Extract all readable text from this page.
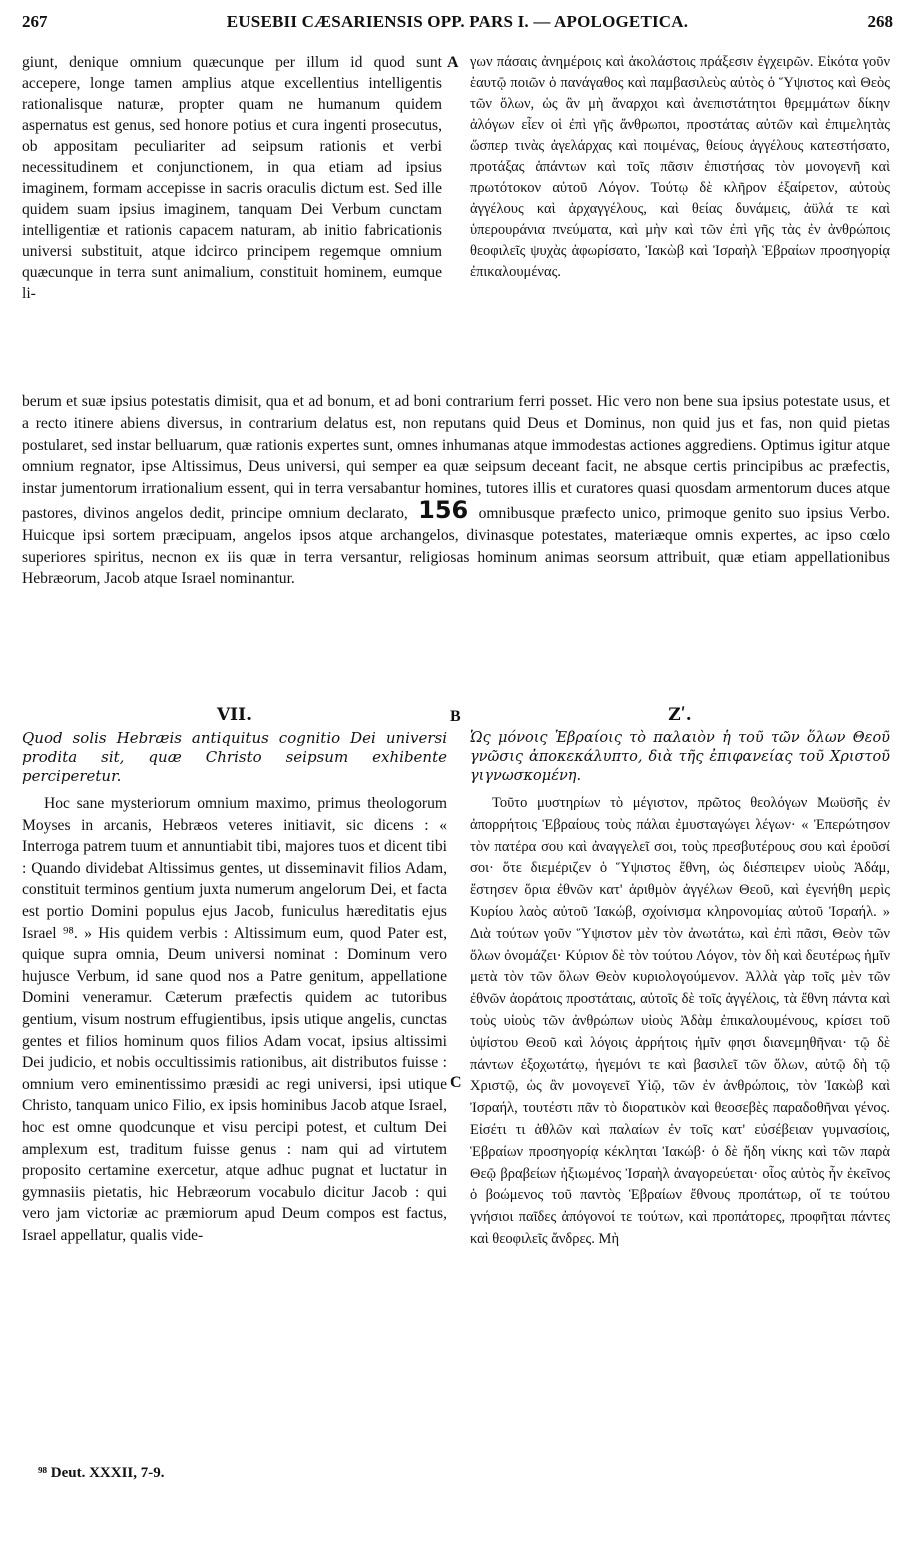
267	EUSEBII CÆSARIENSIS OPP. PARS I. — APOLOGETICA.	268
giunt, denique omnium quæcunque per illum id quod sunt accepere, longe tamen amplius atque excellentius intelligentis rationalisque naturæ, propter quam ne humanum quidem aspernatus est genus, sed honore potius et cura ingenti prosecutus, ob appositam peculiariter ad seipsum rationis et verbi necessitudinem et conjunctionem, in qua etiam ad ipsius imaginem, formam accepisse in sacris oraculis dictum est. Sed ille quidem suam ipsius imaginem, tanquam Dei Verbum cunctam intelligentiæ et rationis capacem naturam, ab initio fabricationis universi substituit, atque idcirco principem regemque omnium quæcunque in terra sunt animalium, constituit hominem, eumque li-
A γων πάσαις ἀνημέροις καὶ ἀκολάστοις πράξεσιν ἐγχειρῶν. Εἰκότα γοῦν ἑαυτῷ ποιῶν ὁ πανάγαθος καὶ παμβασιλεὺς αὐτὸς ὁ Ὕψιστος καὶ Θεὸς τῶν ὅλων, ὡς ἂν μὴ ἄναρχοι καὶ ἀνεπιστάτητοι θρεμμάτων δίκην ἀλόγων εἶεν οἱ ἐπὶ γῆς ἄνθρωποι, προστάτας αὐτῶν καὶ ἐπιμελητὰς ὥσπερ τινὰς ἀγελάρχας καὶ ποιμένας, θείους ἀγγέλους κατεστήσατο, προτάξας ἁπάντων καὶ τοῖς πᾶσιν ἐπιστήσας τὸν μονογενῆ καὶ πρωτότοκον αὐτοῦ Λόγον. Τούτῳ δὲ κλῆρον ἐξαίρετον, αὐτοὺς ἀγγέλους καὶ ἀρχαγγέλους, καὶ θείας δυνάμεις, ἀϋλά τε καὶ ὑπερουράνια πνεύματα, καὶ μὴν καὶ τῶν ἐπὶ γῆς τὰς ἐν ἀνθρώποις θεοφιλεῖς ψυχὰς ἀφωρίσατο, Ἰακὼβ καὶ Ἰσραὴλ Ἑβραίων προσηγορίᾳ ἐπικαλουμένας.
berum et suæ ipsius potestatis dimisit, qua et ad bonum, et ad boni contrarium ferri posset. Hic vero non bene sua ipsius potestate usus, et a recto itinere abiens diversus, in contrarium delatus est, non reputans quid Deus et Dominus, non quid jus et fas, non quid pietas postularet, sed instar belluarum, quæ rationis expertes sunt, omnes inhumanas atque immodestas actiones aggrediens. Optimus igitur atque omnium regnator, ipse Altissimus, Deus universi, qui semper ea quæ seipsum deceant facit, ne absque certis principibus ac præfectis, instar jumentorum irrationalium essent, qui in terra versabantur homines, tutores illis et curatores quasi quosdam armentorum duces atque pastores, divinos angelos dedit, principe omnium declarato, 156 omnibusque præfecto unico, primoque genito suo ipsius Verbo. Huicque ipsi sortem præcipuam, angelos ipsos atque archangelos, divinasque potestates, materiæque omnis expertes, ac ipso cœlo superiores spiritus, necnon ex iis quæ in terra versantur, religiosas hominum animas seorsum attribuit, quæ etiam appellationibus Hebræorum, Jacob atque Israel nominantur.
VII.
Quod solis Hebræis antiquitus cognitio Dei universi prodita sit, quæ Christo seipsum exhibente perciperetur.
B	Ζʹ.
Ὡς μόνοις Ἑβραίοις τὸ παλαιὸν ἡ τοῦ τῶν ὅλων Θεοῦ γνῶσις ἀποκεκάλυπτο, διὰ τῆς ἐπιφανείας τοῦ Χριστοῦ γιγνωσκομένη.

Hoc sane mysteriorum omnium maximo, primus theologorum Moyses in arcanis, Hebræos veteres initiavit, sic dicens : « Interroga patrem tuum et annuntiabit tibi, majores tuos et dicent tibi : Quando dividebat Altissimus gentes, ut disseminavit filios Adam, constituit terminos gentium juxta numerum angelorum Dei, et facta est portio Domini populus ejus Jacob, funiculus hæreditatis ejus Israel ⁹⁸. » His quidem verbis : Altissimum eum, quod Pater est, quique supra omnia, Deum universi nominat : Dominum vero hujusce Verbum, id sane quod nos a Patre genitum, appellatione Domini veneramur. Cæterum præfectis quidem ac tutoribus gentium, visum nostrum effugientibus, ipsis utique angelis, cunctas gentes et filios hominum quos filios Adam vocat, ipsius altissimi Dei judicio, et nobis occultissimis rationibus, ait distributos fuisse : omnium vero eminentissimo præsidi ac regi universi, ipsi utique Christo, tanquam unico Filio, ex ipsis hominibus Jacob atque Israel, hoc est omne quodcunque et visu percipi potest, et cultum Dei amplexum est, traditum fuisse genus : nam qui ad virtutem proposito certamine exercetur, atque adhuc pugnat et luctatur in gymnasiis pietatis, hic Hebræorum vocabulo dicitur Jacob : qui vero jam victoriæ ac præmiorum apud Deum compos est factus, Israel appellatur, qualis vide-

C

Τοῦτο μυστηρίων τὸ μέγιστον, πρῶτος θεολόγων Μωϋσῆς ἐν ἀπορρήτοις Ἑβραίους τοὺς πάλαι ἐμυσταγώγει λέγων· « Ἐπερώτησον τὸν πατέρα σου καὶ ἀναγγελεῖ σοι, τοὺς πρεσβυτέρους σου καὶ ἐροῦσί σοι· ὅτε διεμέριζεν ὁ Ὕψιστος ἔθνη, ὡς διέσπειρεν υἱοὺς Ἀδάμ, ἔστησεν ὅρια ἐθνῶν κατ' ἀριθμὸν ἀγγέλων Θεοῦ, καὶ ἐγενήθη μερὶς Κυρίου λαὸς αὐτοῦ Ἰακώβ, σχοίνισμα κληρονομίας αὐτοῦ Ἰσραήλ. » Διὰ τούτων γοῦν Ὕψιστον μὲν τὸν ἀνωτάτω, καὶ ἐπὶ πᾶσι, Θεὸν τῶν ὅλων ὀνομάζει· Κύριον δὲ τὸν τούτου Λόγον, τὸν δὴ καὶ δευτέρως ἡμῖν μετὰ τὸν τῶν ὅλων Θεὸν κυριολογούμενον. Ἀλλὰ γὰρ τοῖς μὲν τῶν ἐθνῶν ἀοράτοις προστάταις, αὐτοῖς δὲ τοῖς ἀγγέλοις, τὰ ἔθνη πάντα καὶ τοὺς υἱοὺς τῶν ἀνθρώπων υἱοὺς Ἀδὰμ ἐπικαλουμένους, κρίσει τοῦ ὑψίστου Θεοῦ καὶ λόγοις ἀρρήτοις ἡμῖν φησι διανεμηθῆναι· τῷ δὲ πάντων ἐξοχωτάτῳ, ἡγεμόνι τε καὶ βασιλεῖ τῶν ὅλων, αὐτῷ δὴ τῷ Χριστῷ, ὡς ἂν μονογενεῖ Υἱῷ, τῶν ἐν ἀνθρώποις, τὸν Ἰακὼβ καὶ Ἰσραήλ, τουτέστι πᾶν τὸ διορατικὸν καὶ θεοσεβὲς παραδοθῆναι γένος. Εἰσέτι τι ἀθλῶν καὶ παλαίων ἐν τοῖς κατ' εὐσέβειαν γυμνασίοις, Ἑβραίων προσηγορίᾳ κέκληται Ἰακώβ· ὁ δὲ ἤδη νίκης καὶ τῶν παρὰ Θεῷ βραβείων ἠξιωμένος Ἰσραὴλ ἀναγορεύεται· οἷος αὐτὸς ἦν ἐκεῖνος ὁ βοώμενος τοῦ παντὸς Ἑβραίων ἔθνους προπάτωρ, οἵ τε τούτου γνήσιοι παῖδες ἀπόγονοί τε τούτων, καὶ προπάτορες, προφῆται πάντες καὶ θεοφιλεῖς ἄνδρες. Μὴ

⁹⁸ Deut. XXXII, 7-9.
